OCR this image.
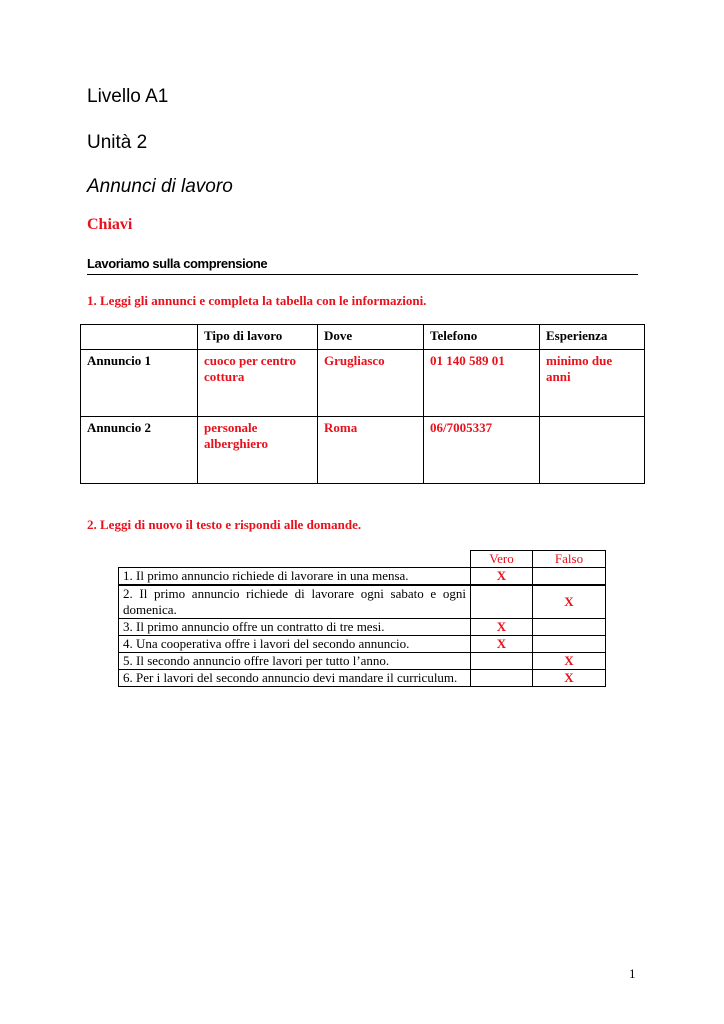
Livello A1
Unità 2
Annunci di lavoro
Chiavi
Lavoriamo sulla comprensione

1. Leggi gli annunci e completa la tabella con le informazioni.

	Tipo di lavoro	Dove	Telefono	Esperienza
Annuncio 1	cuoco per centro cottura	Grugliasco	01 140 589 01	minimo due anni
Annuncio 2	personale alberghiero	Roma	06/7005337	

2. Leggi di nuovo il testo e rispondi alle domande.

	Vero	Falso
1. Il primo annuncio richiede di lavorare in una mensa.	X	
2. Il primo annuncio richiede di lavorare ogni sabato e ogni domenica.		X
3. Il primo annuncio offre un contratto di tre mesi.	X	
4. Una cooperativa offre i lavori del secondo annuncio.	X	
5. Il secondo annuncio offre lavori per tutto l’anno.		X
6. Per i lavori del secondo annuncio devi mandare il curriculum.		X
1
